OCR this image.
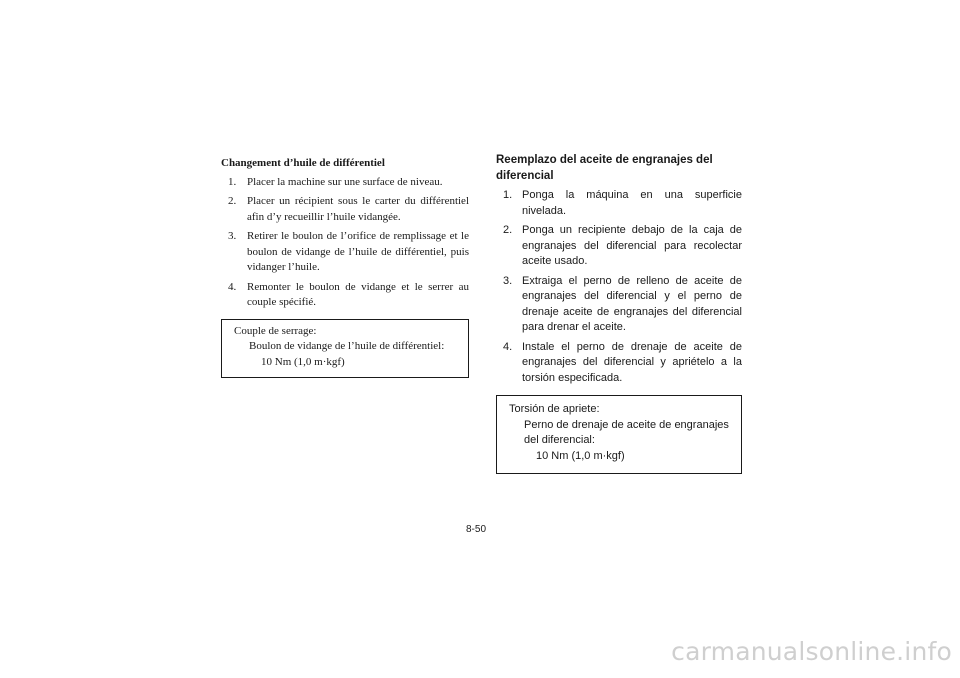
Changement d’huile de différentiel

1. Placer la machine sur une surface de niveau.
2. Placer un récipient sous le carter du différentiel afin d’y recueillir l’huile vidangée.
3. Retirer le boulon de l’orifice de remplissage et le boulon de vidange de l’huile de différentiel, puis vidanger l’huile.
4. Remonter le boulon de vidange et le serrer au couple spécifié.

Couple de serrage:

Boulon de vidange de l’huile de différentiel:

10 Nm (1,0 m·kgf)

Reemplazo del aceite de engranajes del diferencial

1. Ponga la máquina en una superficie nivelada.
2. Ponga un recipiente debajo de la caja de engranajes del diferencial para recolectar aceite usado.
3. Extraiga el perno de relleno de aceite de engranajes del diferencial y el perno de drenaje aceite de engranajes del diferencial para drenar el aceite.
4. Instale el perno de drenaje de aceite de engranajes del diferencial y apriételo a la torsión especificada.

Torsión de apriete:

Perno de drenaje de aceite de engranajes del diferencial:

10 Nm (1,0 m·kgf)

8-50
carmanualsonline.info
